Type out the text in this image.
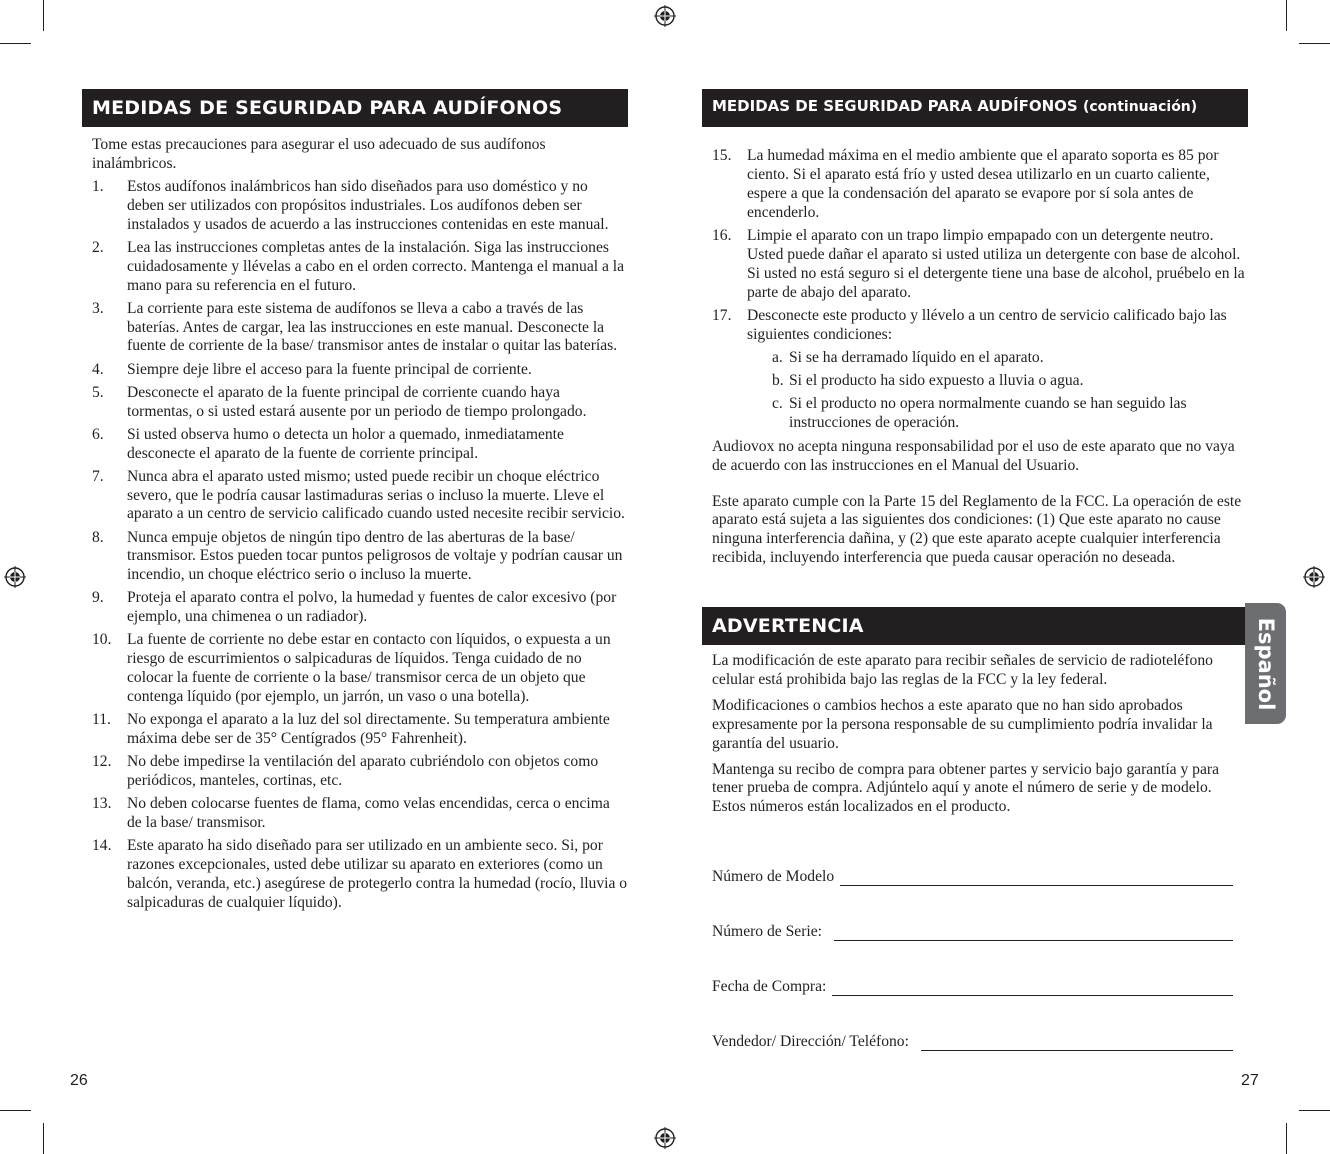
MEDIDAS DE SEGURIDAD PARA AUDÍFONOS

Tome estas precauciones para asegurar el uso adecuado de sus audífonos inalámbricos.

1. Estos audífonos inalámbricos han sido diseñados para uso doméstico y no deben ser utilizados con propósitos industriales. Los audífonos deben ser instalados y usados de acuerdo a las instrucciones contenidas en este manual.
2. Lea las instrucciones completas antes de la instalación. Siga las instrucciones cuidadosamente y llévelas a cabo en el orden correcto. Mantenga el manual a la mano para su referencia en el futuro.
3. La corriente para este sistema de audífonos se lleva a cabo a través de las baterías. Antes de cargar, lea las instrucciones en este manual. Desconecte la fuente de corriente de la base/ transmisor antes de instalar o quitar las baterías.
4. Siempre deje libre el acceso para la fuente principal de corriente.
5. Desconecte el aparato de la fuente principal de corriente cuando haya tormentas, o si usted estará ausente por un periodo de tiempo prolongado.
6. Si usted observa humo o detecta un holor a quemado, inmediatamente desconecte el aparato de la fuente de corriente principal.
7. Nunca abra el aparato usted mismo; usted puede recibir un choque eléctrico severo, que le podría causar lastimaduras serias o incluso la muerte. Lleve el aparato a un centro de servicio calificado cuando usted necesite recibir servicio.
8. Nunca empuje objetos de ningún tipo dentro de las aberturas de la base/ transmisor. Estos pueden tocar puntos peligrosos de voltaje y podrían causar un incendio, un choque eléctrico serio o incluso la muerte.
9. Proteja el aparato contra el polvo, la humedad y fuentes de calor excesivo (por ejemplo, una chimenea o un radiador).
10. La fuente de corriente no debe estar en contacto con líquidos, o expuesta a un riesgo de escurrimientos o salpicaduras de líquidos. Tenga cuidado de no colocar la fuente de corriente o la base/ transmisor cerca de un objeto que contenga líquido (por ejemplo, un jarrón, un vaso o una botella).
11. No exponga el aparato a la luz del sol directamente. Su temperatura ambiente máxima debe ser de 35° Centígrados (95° Fahrenheit).
12. No debe impedirse la ventilación del aparato cubriéndolo con objetos como periódicos, manteles, cortinas, etc.
13. No deben colocarse fuentes de flama, como velas encendidas, cerca o encima de la base/ transmisor.
14. Este aparato ha sido diseñado para ser utilizado en un ambiente seco. Si, por razones excepcionales, usted debe utilizar su aparato en exteriores (como un balcón, veranda, etc.) asegúrese de protegerlo contra la humedad (rocío, lluvia o salpicaduras de cualquier líquido).
26
MEDIDAS DE SEGURIDAD PARA AUDÍFONOS (continuación)
15. La humedad máxima en el medio ambiente que el aparato soporta es 85 por ciento. Si el aparato está frío y usted desea utilizarlo en un cuarto caliente, espere a que la condensación del aparato se evapore por sí sola antes de encenderlo.
16. Limpie el aparato con un trapo limpio empapado con un detergente neutro. Usted puede dañar el aparato si usted utiliza un detergente con base de alcohol. Si usted no está seguro si el detergente tiene una base de alcohol, pruébelo en la parte de abajo del aparato.
17. Desconecte este producto y llévelo a un centro de servicio calificado bajo las siguientes condiciones:
a. Si se ha derramado líquido en el aparato.
b. Si el producto ha sido expuesto a lluvia o agua.
c. Si el producto no opera normalmente cuando se han seguido las instrucciones de operación.

Audiovox no acepta ninguna responsabilidad por el uso de este aparato que no vaya de acuerdo con las instrucciones en el Manual del Usuario.

Este aparato cumple con la Parte 15 del Reglamento de la FCC. La operación de este aparato está sujeta a las siguientes dos condiciones: (1) Que este aparato no cause ninguna interferencia dañina, y (2) que este aparato acepte cualquier interferencia recibida, incluyendo interferencia que pueda causar operación no deseada.

ADVERTENCIA

La modificación de este aparato para recibir señales de servicio de radioteléfono celular está prohibida bajo las reglas de la FCC y la ley federal.

Modificaciones o cambios hechos a este aparato que no han sido aprobados expresamente por la persona responsable de su cumplimiento podría invalidar la garantía del usuario.

Mantenga su recibo de compra para obtener partes y servicio bajo garantía y para tener prueba de compra. Adjúntelo aquí y anote el número de serie y de modelo. Estos números están localizados en el producto.

Número de Modelo
Número de Serie:
Fecha de Compra:
Vendedor/ Dirección/ Teléfono:
27
Español
